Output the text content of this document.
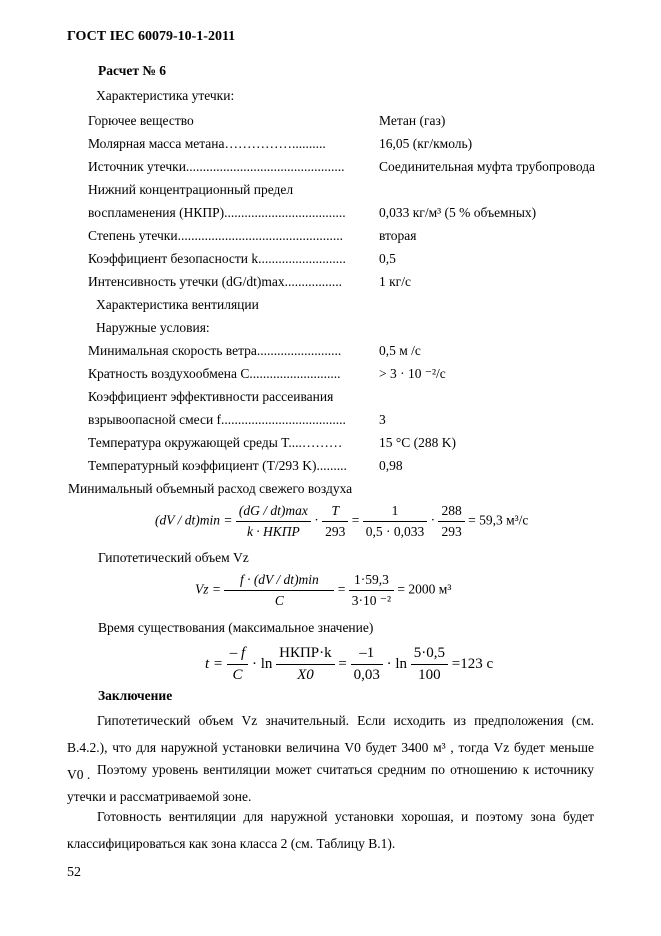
ГОСТ IEC 60079-10-1-2011
Расчет № 6
Характеристика утечки:
Горючее вещество	Метан (газ)
Молярная масса метана……………..........	16,05 (кг/кмоль)
Источник утечки...............................................	Соединительная муфта трубопровода
Нижний концентрационный предел
воспламенения (НКПР).................................... 0,033 кг/м³ (5 % объемных)
Степень утечки.................................................	вторая
Коэффициент безопасности k.......................... 0,5
Интенсивность утечки (dG/dt)max.................	1 кг/с
Характеристика вентиляции
Наружные условия:
Минимальная скорость ветра.........................	0,5 м /с
Кратность воздухообмена C...........................	> 3 · 10 ⁻²/с
Коэффициент эффективности рассеивания
взрывоопасной смеси f..................................... 3
Температура окружающей среды T....………	15 °C (288 K)
Температурный коэффициент (T/293 K)......... 0,98
Минимальный объемный расход свежего воздуха
$(dV / dt)\min = \frac{(dG / dt)\max}{\text{k · НКПР}} \cdot \frac{T}{293} = \frac{1}{0,5 \cdot 0,033} \cdot \frac{288}{293} = 59,3$ м³/с
Гипотетический объем Vz
$Vz = \frac{f \cdot (dV / dt)\min}{C} = \frac{1\cdot 59,3}{\text{3·10 ⁻²}} = 2000$ м³
Время существования (максимальное значение)
$t = \frac{- f}{C} \cdot \ln \frac{\text{НКПР·k}}{X0} = \frac{-1}{0,03} \cdot \ln \frac{5\cdot 0,5}{100} =123$ c
Заключение
Гипотетический объем Vz значительный. Если исходить из предположения (см. B.4.2.), что для наружной установки величина V0 будет 3400 м³ , тогда Vz будет меньше V0 . Поэтому уровень вентиляции может считаться средним по отношению к источнику утечки и рассматриваемой зоне.
Готовность вентиляции для наружной установки хорошая, и поэтому зона будет классифицироваться как зона класса 2 (см. Таблицу B.1).
52
